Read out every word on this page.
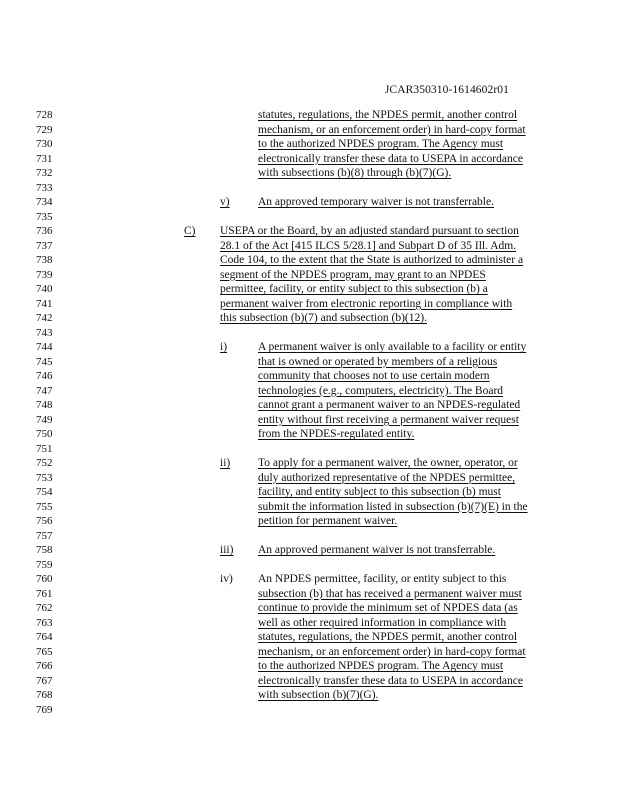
JCAR350310-1614602r01
728
729
730
731
732
733
734
735
736
737
738
739
740
741
742
743
744
745
746
747
748
749
750
751
752
753
754
755
756
757
758
759
760
761
762
763
764
765
766
767
768
769
statutes, regulations, the NPDES permit, another control
mechanism, or an enforcement order) in hard-copy format
to the authorized NPDES program. The Agency must
electronically transfer these data to USEPA in accordance
with subsections (b)(8) through (b)(7)(G).
v) An approved temporary waiver is not transferrable.
C) USEPA or the Board, by an adjusted standard pursuant to section
28.1 of the Act [415 ILCS 5/28.1] and Subpart D of 35 Ill. Adm.
Code 104, to the extent that the State is authorized to administer a
segment of the NPDES program, may grant to an NPDES
permittee, facility, or entity subject to this subsection (b) a
permanent waiver from electronic reporting in compliance with
this subsection (b)(7) and subsection (b)(12).
i)	A permanent waiver is only available to a facility or entity
that is owned or operated by members of a religious
community that chooses not to use certain modern
technologies (e.g., computers, electricity). The Board
cannot grant a permanent waiver to an NPDES-regulated
entity without first receiving a permanent waiver request
from the NPDES-regulated entity.
ii) To apply for a permanent waiver, the owner, operator, or
duly authorized representative of the NPDES permittee,
facility, and entity subject to this subsection (b) must
submit the information listed in subsection (b)(7)(E) in the
petition for permanent waiver.
iii) An approved permanent waiver is not transferrable.
iv) An NPDES permittee, facility, or entity subject to this
subsection (b) that has received a permanent waiver must
continue to provide the minimum set of NPDES data (as
well as other required information in compliance with
statutes, regulations, the NPDES permit, another control
mechanism, or an enforcement order) in hard-copy format
to the authorized NPDES program. The Agency must
electronically transfer these data to USEPA in accordance
with subsection (b)(7)(G).
